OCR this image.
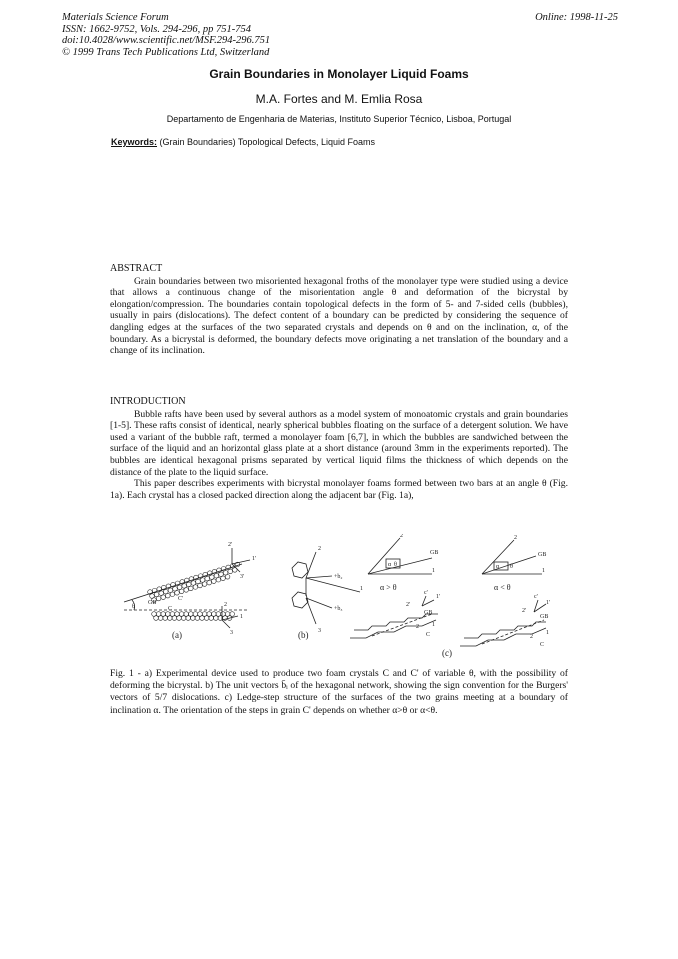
Materials Science Forum
ISSN: 1662-9752, Vols. 294-296, pp 751-754
doi:10.4028/www.scientific.net/MSF.294-296.751
© 1999 Trans Tech Publications Ltd, Switzerland
Online: 1998-11-25
Grain Boundaries in Monolayer Liquid Foams
M.A. Fortes and M. Emlia Rosa
Departamento de Engenharia de Materias, Instituto Superior Técnico, Lisboa, Portugal
Keywords: (Grain Boundaries) Topological Defects, Liquid Foams
ABSTRACT

Grain boundaries between two misoriented hexagonal froths of the monolayer type were studied using a device that allows a continuous change of the misorientation angle θ and deformation of the bicrystal by elongation/compression. The boundaries contain topological defects in the form of 5- and 7-sided cells (bubbles), usually in pairs (dislocations). The defect content of a boundary can be predicted by considering the sequence of dangling edges at the surfaces of the two separated crystals and depends on θ and on the inclination, α, of the boundary. As a bicrystal is deformed, the boundary defects move originating a net translation of the boundary and a change of its inclination.

INTRODUCTION

Bubble rafts have been used by several authors as a model system of monoatomic crystals and grain boundaries [1-5]. These rafts consist of identical, nearly spherical bubbles floating on the surface of a detergent solution. We have used a variant of the bubble raft, termed a monolayer foam [6,7], in which the bubbles are sandwiched between the surface of the liquid and an horizontal glass plate at a short distance (around 3mm in the experiments reported). The bubbles are identical hexagonal prisms separated by vertical liquid films the thickness of which depends on the distance of the plate to the liquid surface.

This paper describes experiments with bicrystal monolayer foams formed between two bars at an angle θ (Fig. 1a). Each crystal has a closed packed direction along the adjacent bar (Fig. 1a),

GB
C'
C
θ
2'
1'
3'
2
1
3
2
+b₂
1
+b₃
3
2
GB
1
α θ
2
GB
1
α θ
c'
1'
2'
GB
2 1
C
c'
1'
2'
GB
2
1
C
α > θ	α < θ
(a)	(b)
(c)
Fig. 1 - a) Experimental device used to produce two foam crystals C and C' of variable θ, with the possibility of deforming the bicrystal. b) The unit vectors b̄ᵢ of the hexagonal network, showing the sign convention for the Burgers' vectors of 5/7 dislocations. c) Ledge-step structure of the surfaces of the two grains meeting at a boundary of inclination α. The orientation of the steps in grain C' depends on whether α>θ or α<θ.
